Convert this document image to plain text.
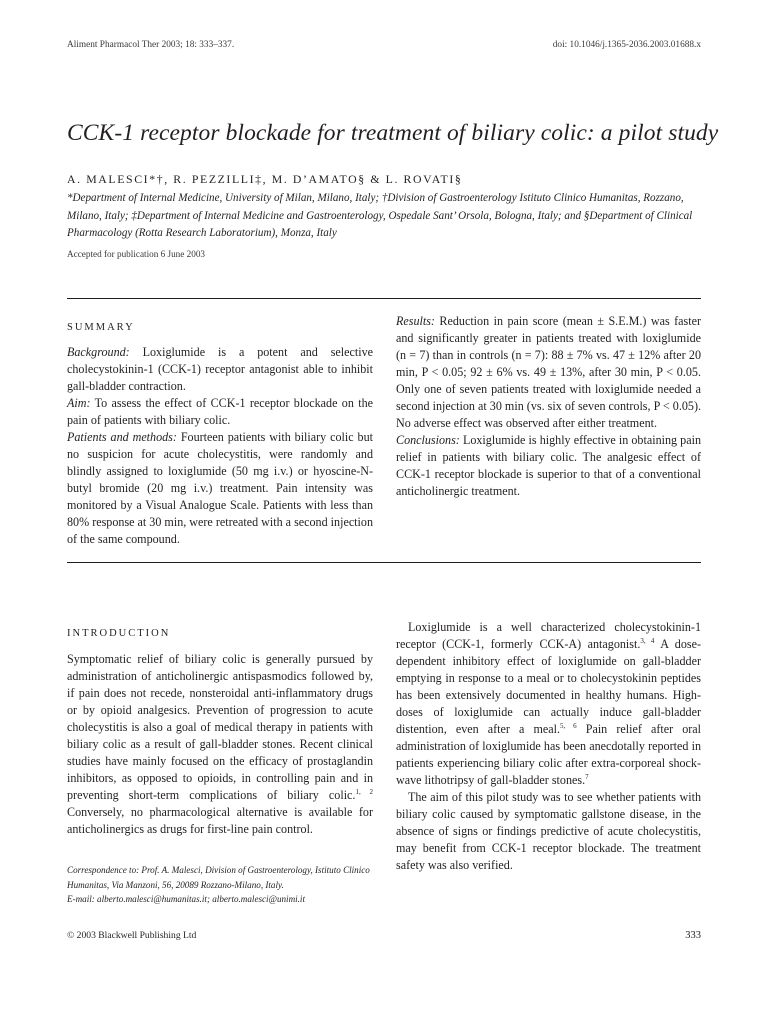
Aliment Pharmacol Ther 2003; 18: 333–337.	doi: 10.1046/j.1365-2036.2003.01688.x
CCK-1 receptor blockade for treatment of biliary colic: a pilot study
A. MALESCI*†, R. PEZZILLI‡, M. D’AMATO§ & L. ROVATI§
*Department of Internal Medicine, University of Milan, Milano, Italy; †Division of Gastroenterology Istituto Clinico Humanitas, Rozzano, Milano, Italy; ‡Department of Internal Medicine and Gastroenterology, Ospedale Sant’ Orsola, Bologna, Italy; and §Department of Clinical Pharmacology (Rotta Research Laboratorium), Monza, Italy
Accepted for publication 6 June 2003
SUMMARY

Background: Loxiglumide is a potent and selective cholecystokinin-1 (CCK-1) receptor antagonist able to inhibit gall-bladder contraction.

Aim: To assess the effect of CCK-1 receptor blockade on the pain of patients with biliary colic.

Patients and methods: Fourteen patients with biliary colic but no suspicion for acute cholecystitis, were randomly and blindly assigned to loxiglumide (50 mg i.v.) or hyoscine-N-butyl bromide (20 mg i.v.) treatment. Pain intensity was monitored by a Visual Analogue Scale. Patients with less than 80% response at 30 min, were retreated with a second injection of the same compound.

Results: Reduction in pain score (mean ± S.E.M.) was faster and significantly greater in patients treated with loxiglumide (n = 7) than in controls (n = 7): 88 ± 7% vs. 47 ± 12% after 20 min, P < 0.05; 92 ± 6% vs. 49 ± 13%, after 30 min, P < 0.05. Only one of seven patients treated with loxiglumide needed a second injection at 30 min (vs. six of seven controls, P < 0.05). No adverse effect was observed after either treatment.

Conclusions: Loxiglumide is highly effective in obtaining pain relief in patients with biliary colic. The analgesic effect of CCK-1 receptor blockade is superior to that of a conventional anticholinergic treatment.

INTRODUCTION

Symptomatic relief of biliary colic is generally pursued by administration of anticholinergic antispasmodics followed by, if pain does not recede, nonsteroidal anti-inflammatory drugs or by opioid analgesics. Prevention of progression to acute cholecystitis is also a goal of medical therapy in patients with biliary colic as a result of gall-bladder stones. Recent clinical studies have mainly focused on the efficacy of prostaglandin inhibitors, as opposed to opioids, in controlling pain and in preventing short-term complications of biliary colic.$^{1, 2}$ Conversely, no pharmacological alternative is available for anticholinergics as drugs for first-line pain control.

Correspondence to: Prof. A. Malesci, Division of Gastroenterology, Istituto Clinico Humanitas, Via Manzoni, 56, 20089 Rozzano-Milano, Italy.
E-mail: alberto.malesci@humanitas.it; alberto.malesci@unimi.it

Loxiglumide is a well characterized cholecystokinin-1 receptor (CCK-1, formerly CCK-A) antagonist.$^{3, 4}$ A dose-dependent inhibitory effect of loxiglumide on gall-bladder emptying in response to a meal or to cholecystokinin peptides has been extensively documented in healthy humans. High-doses of loxiglumide can actually induce gall-bladder distention, even after a meal.$^{5, 6}$ Pain relief after oral administration of loxiglumide has been anecdotally reported in patients experiencing biliary colic after extra-corporeal shock-wave lithotripsy of gall-bladder stones.$^7$

The aim of this pilot study was to see whether patients with biliary colic caused by symptomatic gallstone disease, in the absence of signs or findings predictive of acute cholecystitis, may benefit from CCK-1 receptor blockade. The treatment safety was also verified.

© 2003 Blackwell Publishing Ltd	333
